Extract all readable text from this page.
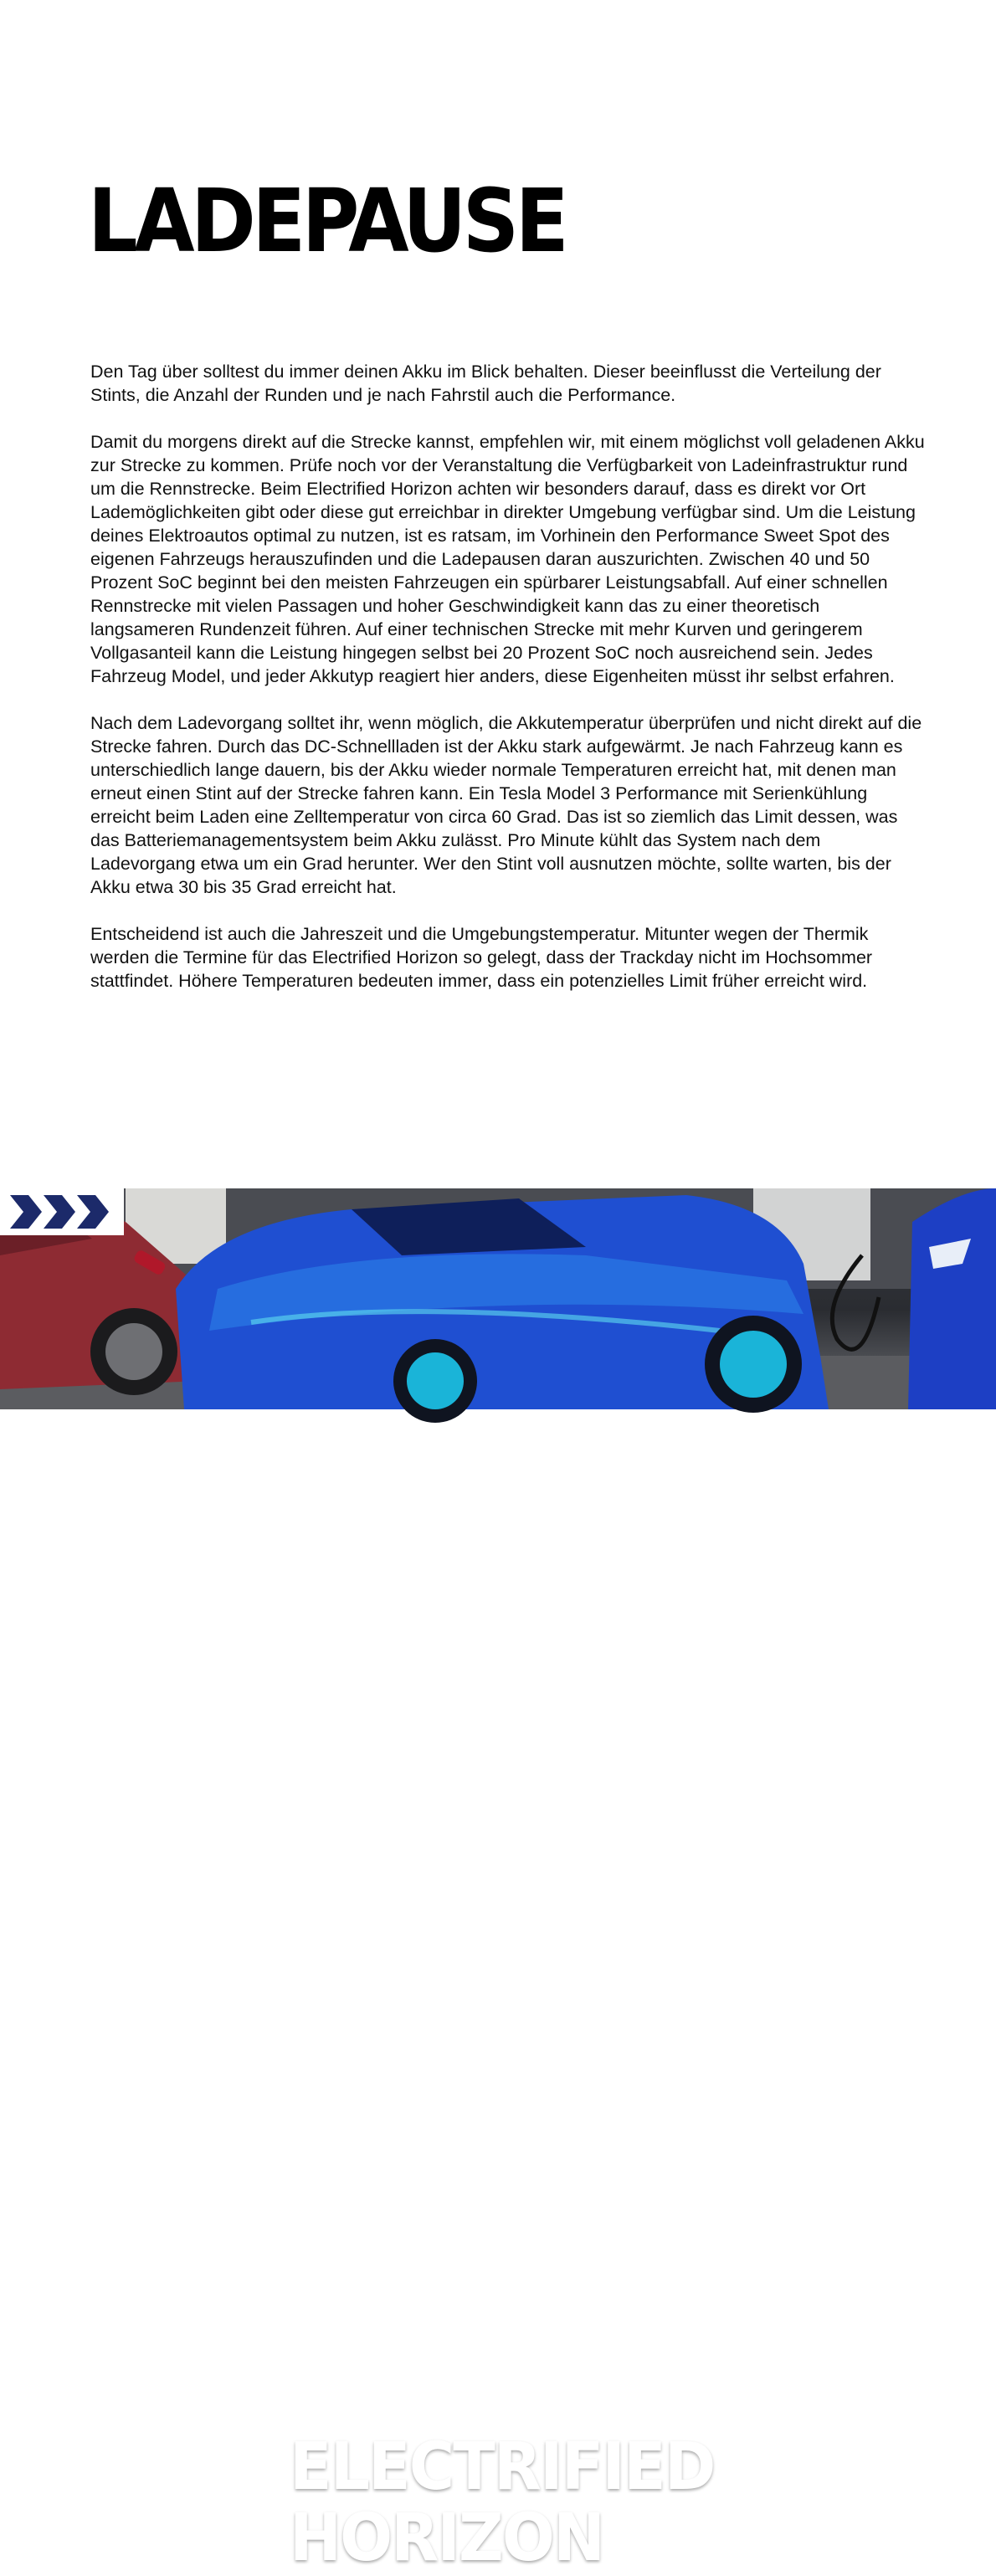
LADEPAUSE

Den Tag über solltest du immer deinen Akku im Blick behalten. Dieser beeinflusst die Verteilung der Stints, die Anzahl der Runden und je nach Fahrstil auch die Performance.

Damit du morgens direkt auf die Strecke kannst, empfehlen wir, mit einem möglichst voll geladenen Akku zur Strecke zu kommen. Prüfe noch vor der Veranstaltung die Verfügbarkeit von Ladeinfrastruktur rund um die Rennstrecke. Beim Electrified Horizon achten wir besonders darauf, dass es direkt vor Ort Lademöglichkeiten gibt oder diese gut erreichbar in direkter Umgebung verfügbar sind. Um die Leistung deines Elektroautos optimal zu nutzen, ist es ratsam, im Vorhinein den Performance Sweet Spot des eigenen Fahrzeugs herauszufinden und die Ladepausen daran auszurichten. Zwischen 40 und 50 Prozent SoC beginnt bei den meisten Fahrzeugen ein spürbarer Leistungsabfall. Auf einer schnellen Rennstrecke mit vielen Passagen und hoher Geschwindigkeit kann das zu einer theoretisch langsameren Rundenzeit führen. Auf einer technischen Strecke mit mehr Kurven und geringerem Vollgasanteil kann die Leistung hingegen selbst bei 20 Prozent SoC noch ausreichend sein. Jedes Fahrzeug Model, und jeder Akkutyp reagiert hier anders, diese Eigenheiten müsst ihr selbst erfahren.

Nach dem Ladevorgang solltet ihr, wenn möglich, die Akkutemperatur überprüfen und nicht direkt auf die Strecke fahren. Durch das DC-Schnellladen ist der Akku stark aufgewärmt. Je nach Fahrzeug kann es unterschiedlich lange dauern, bis der Akku wieder normale Temperaturen erreicht hat, mit denen man erneut einen Stint auf der Strecke fahren kann. Ein Tesla Model 3 Performance mit Serienkühlung erreicht beim Laden eine Zelltemperatur von circa 60 Grad. Das ist so ziemlich das Limit dessen, was das Batteriemanagementsystem beim Akku zulässt. Pro Minute kühlt das System nach dem Ladevorgang etwa um ein Grad herunter. Wer den Stint voll ausnutzen möchte, sollte warten, bis der Akku etwa 30 bis 35 Grad erreicht hat.

Entscheidend ist auch die Jahreszeit und die Umgebungstemperatur. Mitunter wegen der Thermik werden die Termine für das Electrified Horizon so gelegt, dass der Trackday nicht im Hochsommer stattfindet. Höhere Temperaturen bedeuten immer, dass ein potenzielles Limit früher erreicht wird.

ELECTRIFIED
HORIZON
